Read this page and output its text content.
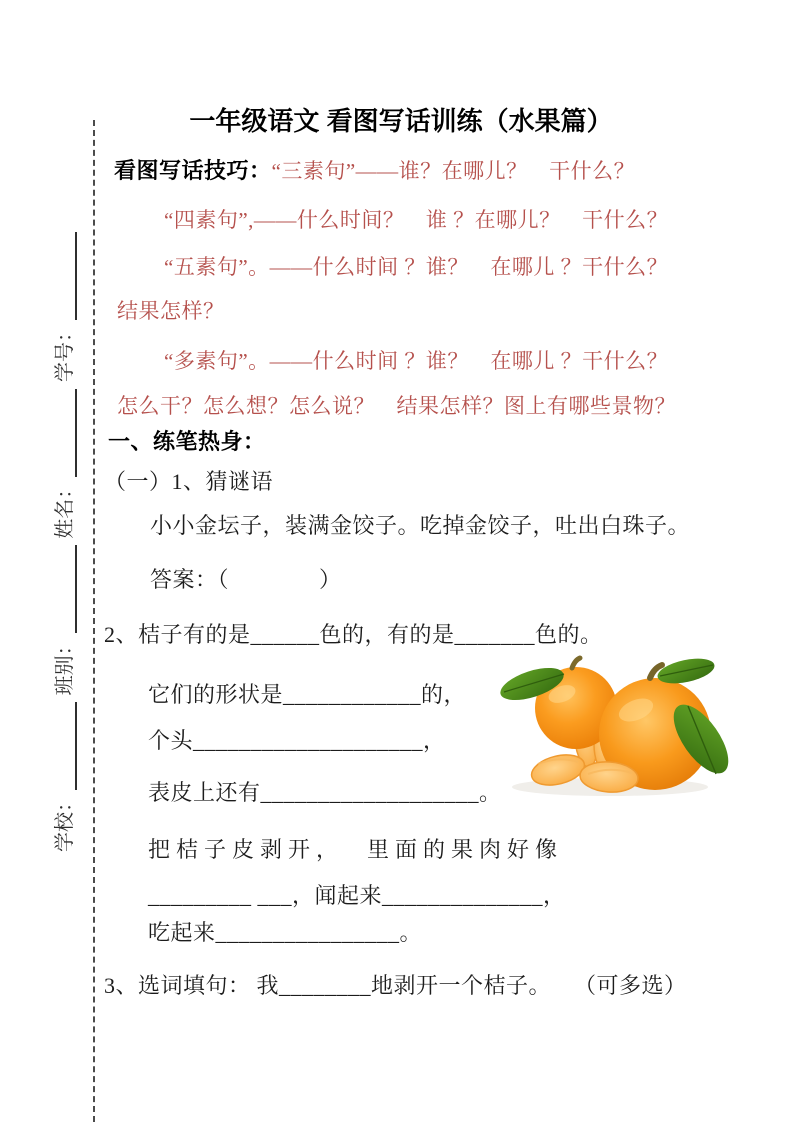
学校：
班别：
姓名：
学号：
一年级语文 看图写话训练（水果篇）
看图写话技巧：“三素句”——谁？在哪儿？　干什么？
“四素句”,——什么时间？　谁 ？在哪儿？　干什么？
“五素句”。——什么时间 ？谁？　在哪儿 ？干什么？
结果怎样？
“多素句”。——什么时间 ？谁？　在哪儿 ？干什么？
怎么干？怎么想？怎么说？　结果怎样？图上有哪些景物？
一、练笔热身：
（一）1、猜谜语
小小金坛子，装满金饺子。吃掉金饺子，吐出白珠子。
答案：（　　　　）
2、桔子有的是______色的，有的是_______色的。
它们的形状是____________的，
个头____________________，
表皮上还有___________________。
把桔子皮剥开，  里面的果肉好像
_________ ___，闻起来______________，
吃起来________________。
3、选词填句： 我________地剥开一个桔子。　　（可多选）
